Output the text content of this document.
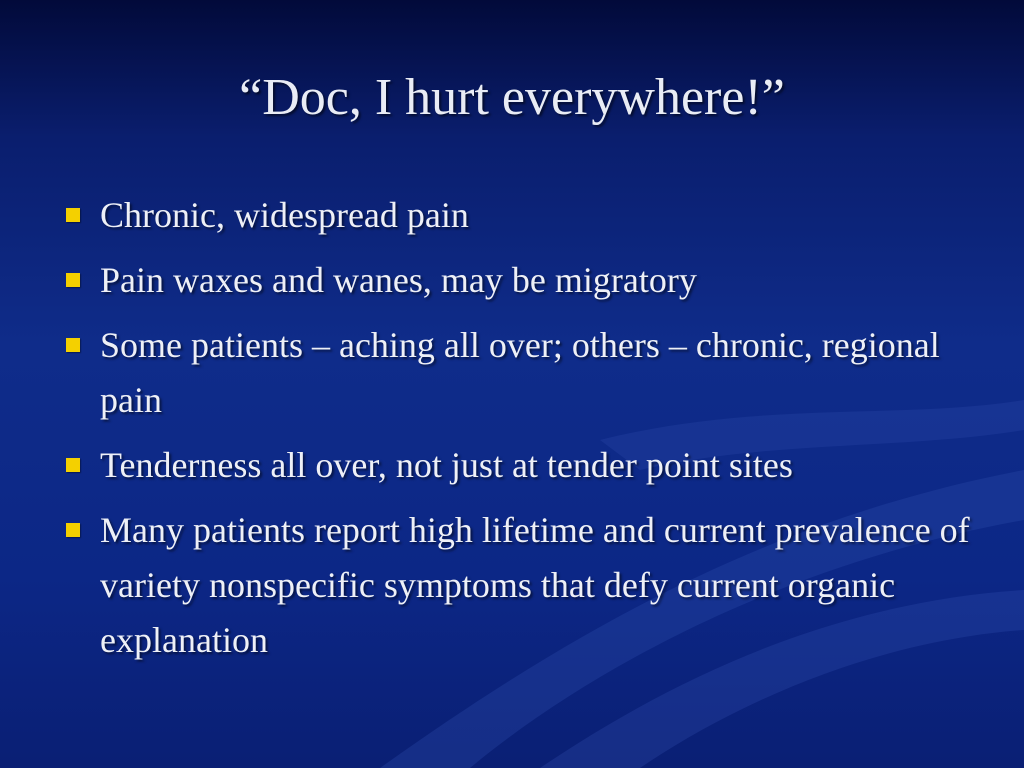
“Doc, I hurt everywhere!”
Chronic, widespread pain
Pain waxes and wanes, may be migratory
Some patients – aching all over; others – chronic, regional pain
Tenderness all over, not just at tender point sites
Many patients report high lifetime and current prevalence of variety nonspecific symptoms that defy current organic explanation
